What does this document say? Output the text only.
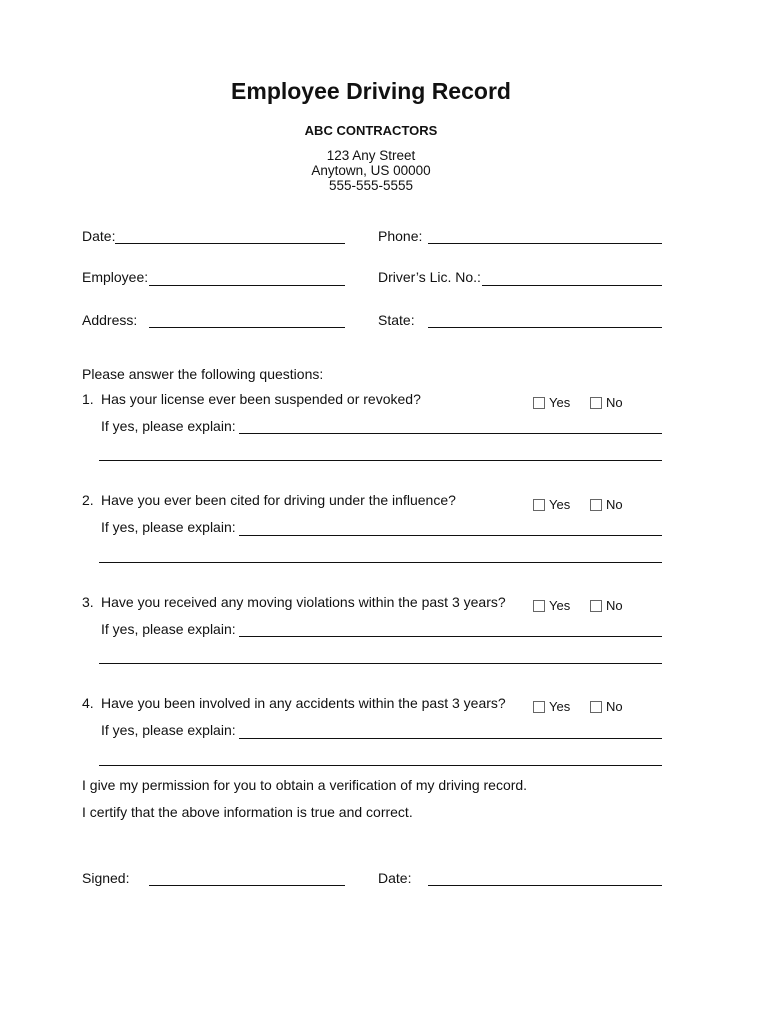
Employee Driving Record
ABC CONTRACTORS
123 Any Street
Anytown, US 00000
555-555-5555
Date:	Phone:
Employee:	Driver’s Lic. No.:
Address:	State:
Please answer the following questions:
1. Has your license ever been suspended or revoked?	Yes	No
If yes, please explain:
2. Have you ever been cited for driving under the influence?	Yes	No
If yes, please explain:
3. Have you received any moving violations within the past 3 years?	Yes	No
If yes, please explain:
4. Have you been involved in any accidents within the past 3 years?	Yes	No
If yes, please explain:
I give my permission for you to obtain a verification of my driving record.
I certify that the above information is true and correct.
Signed:	Date:
